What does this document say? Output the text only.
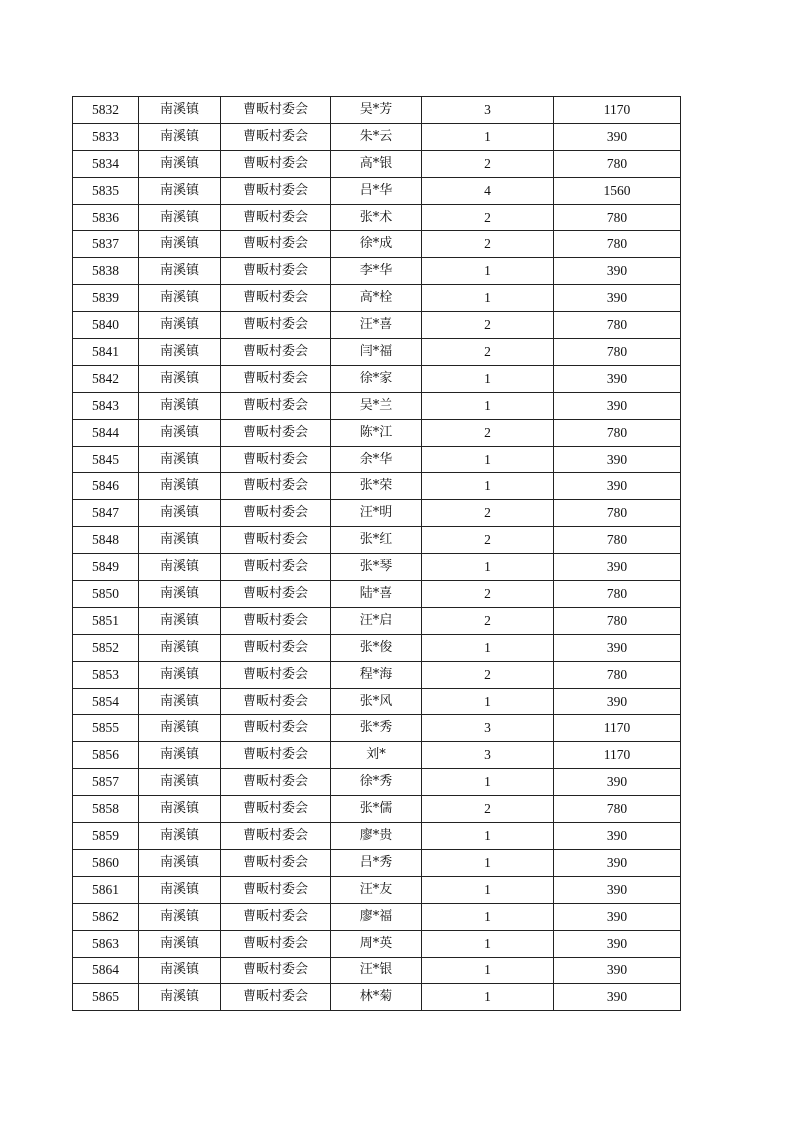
5832	南溪镇	曹畈村委会	吴*芳	3	1170
5833	南溪镇	曹畈村委会	朱*云	1	390
5834	南溪镇	曹畈村委会	高*银	2	780
5835	南溪镇	曹畈村委会	吕*华	4	1560
5836	南溪镇	曹畈村委会	张*术	2	780
5837	南溪镇	曹畈村委会	徐*成	2	780
5838	南溪镇	曹畈村委会	李*华	1	390
5839	南溪镇	曹畈村委会	高*栓	1	390
5840	南溪镇	曹畈村委会	汪*喜	2	780
5841	南溪镇	曹畈村委会	闫*福	2	780
5842	南溪镇	曹畈村委会	徐*家	1	390
5843	南溪镇	曹畈村委会	吴*兰	1	390
5844	南溪镇	曹畈村委会	陈*江	2	780
5845	南溪镇	曹畈村委会	余*华	1	390
5846	南溪镇	曹畈村委会	张*荣	1	390
5847	南溪镇	曹畈村委会	汪*明	2	780
5848	南溪镇	曹畈村委会	张*红	2	780
5849	南溪镇	曹畈村委会	张*琴	1	390
5850	南溪镇	曹畈村委会	陆*喜	2	780
5851	南溪镇	曹畈村委会	汪*启	2	780
5852	南溪镇	曹畈村委会	张*俊	1	390
5853	南溪镇	曹畈村委会	程*海	2	780
5854	南溪镇	曹畈村委会	张*风	1	390
5855	南溪镇	曹畈村委会	张*秀	3	1170
5856	南溪镇	曹畈村委会	刘*	3	1170
5857	南溪镇	曹畈村委会	徐*秀	1	390
5858	南溪镇	曹畈村委会	张*儒	2	780
5859	南溪镇	曹畈村委会	廖*贵	1	390
5860	南溪镇	曹畈村委会	吕*秀	1	390
5861	南溪镇	曹畈村委会	汪*友	1	390
5862	南溪镇	曹畈村委会	廖*福	1	390
5863	南溪镇	曹畈村委会	周*英	1	390
5864	南溪镇	曹畈村委会	汪*银	1	390
5865	南溪镇	曹畈村委会	林*菊	1	390
